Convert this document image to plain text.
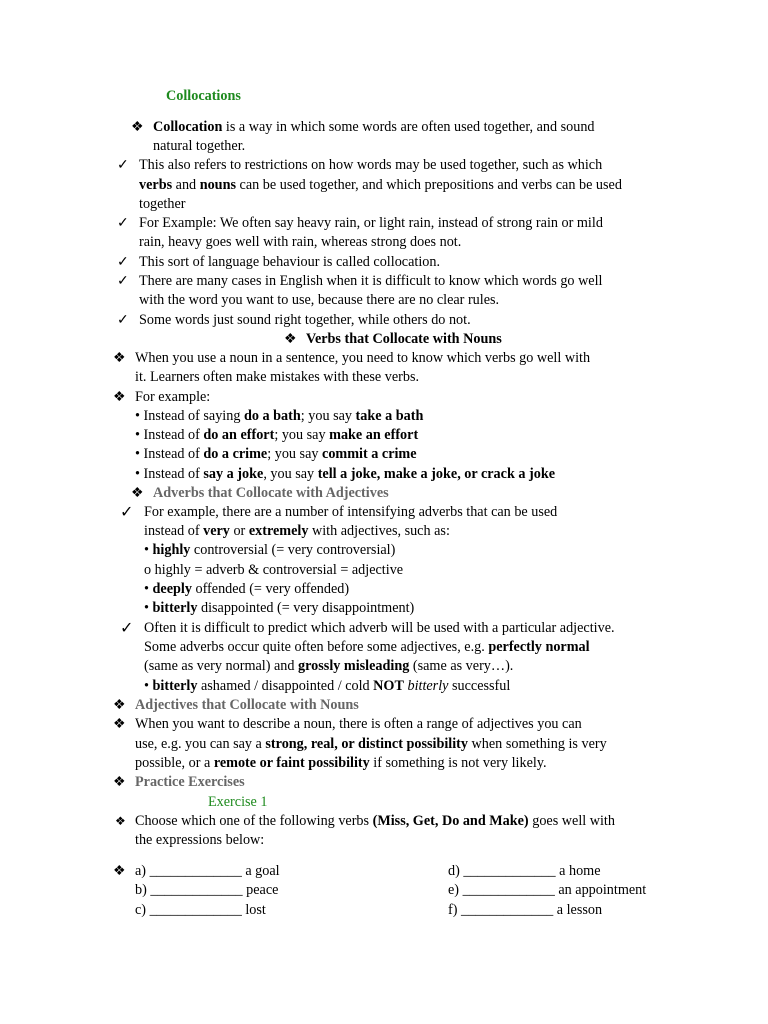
Collocations
❖ Collocation is a way in which some words are often used together, and sound
natural together.
✓ This also refers to restrictions on how words may be used together, such as which
verbs and nouns can be used together, and which prepositions and verbs can be used
together
✓ For Example: We often say heavy rain, or light rain, instead of strong rain or mild
rain, heavy goes well with rain, whereas strong does not.
✓ This sort of language behaviour is called collocation.
✓ There are many cases in English when it is difficult to know which words go well
with the word you want to use, because there are no clear rules.
✓ Some words just sound right together, while others do not.
❖ Verbs that Collocate with Nouns
❖ When you use a noun in a sentence, you need to know which verbs go well with
it. Learners often make mistakes with these verbs.
❖ For example:
• Instead of saying do a bath; you say take a bath
• Instead of do an effort; you say make an effort
• Instead of do a crime; you say commit a crime
• Instead of say a joke, you say tell a joke, make a joke, or crack a joke
❖ Adverbs that Collocate with Adjectives
✓ For example, there are a number of intensifying adverbs that can be used
instead of very or extremely with adjectives, such as:
• highly controversial (= very controversial)
o highly = adverb & controversial = adjective
• deeply offended (= very offended)
• bitterly disappointed (= very disappointment)
✓ Often it is difficult to predict which adverb will be used with a particular adjective.
Some adverbs occur quite often before some adjectives, e.g. perfectly normal
(same as very normal) and grossly misleading (same as very…).
• bitterly ashamed / disappointed / cold NOT bitterly successful
❖ Adjectives that Collocate with Nouns
❖ When you want to describe a noun, there is often a range of adjectives you can
use, e.g. you can say a strong, real, or distinct possibility when something is very
possible, or a remote or faint possibility if something is not very likely.
❖ Practice Exercises
Exercise 1
❖ Choose which one of the following verbs (Miss, Get, Do and Make) goes well with
the expressions below:
❖ a) _____________ a goal
b) _____________ peace
c) _____________ lost
d) _____________ a home
e) _____________ an appointment
f) _____________ a lesson
